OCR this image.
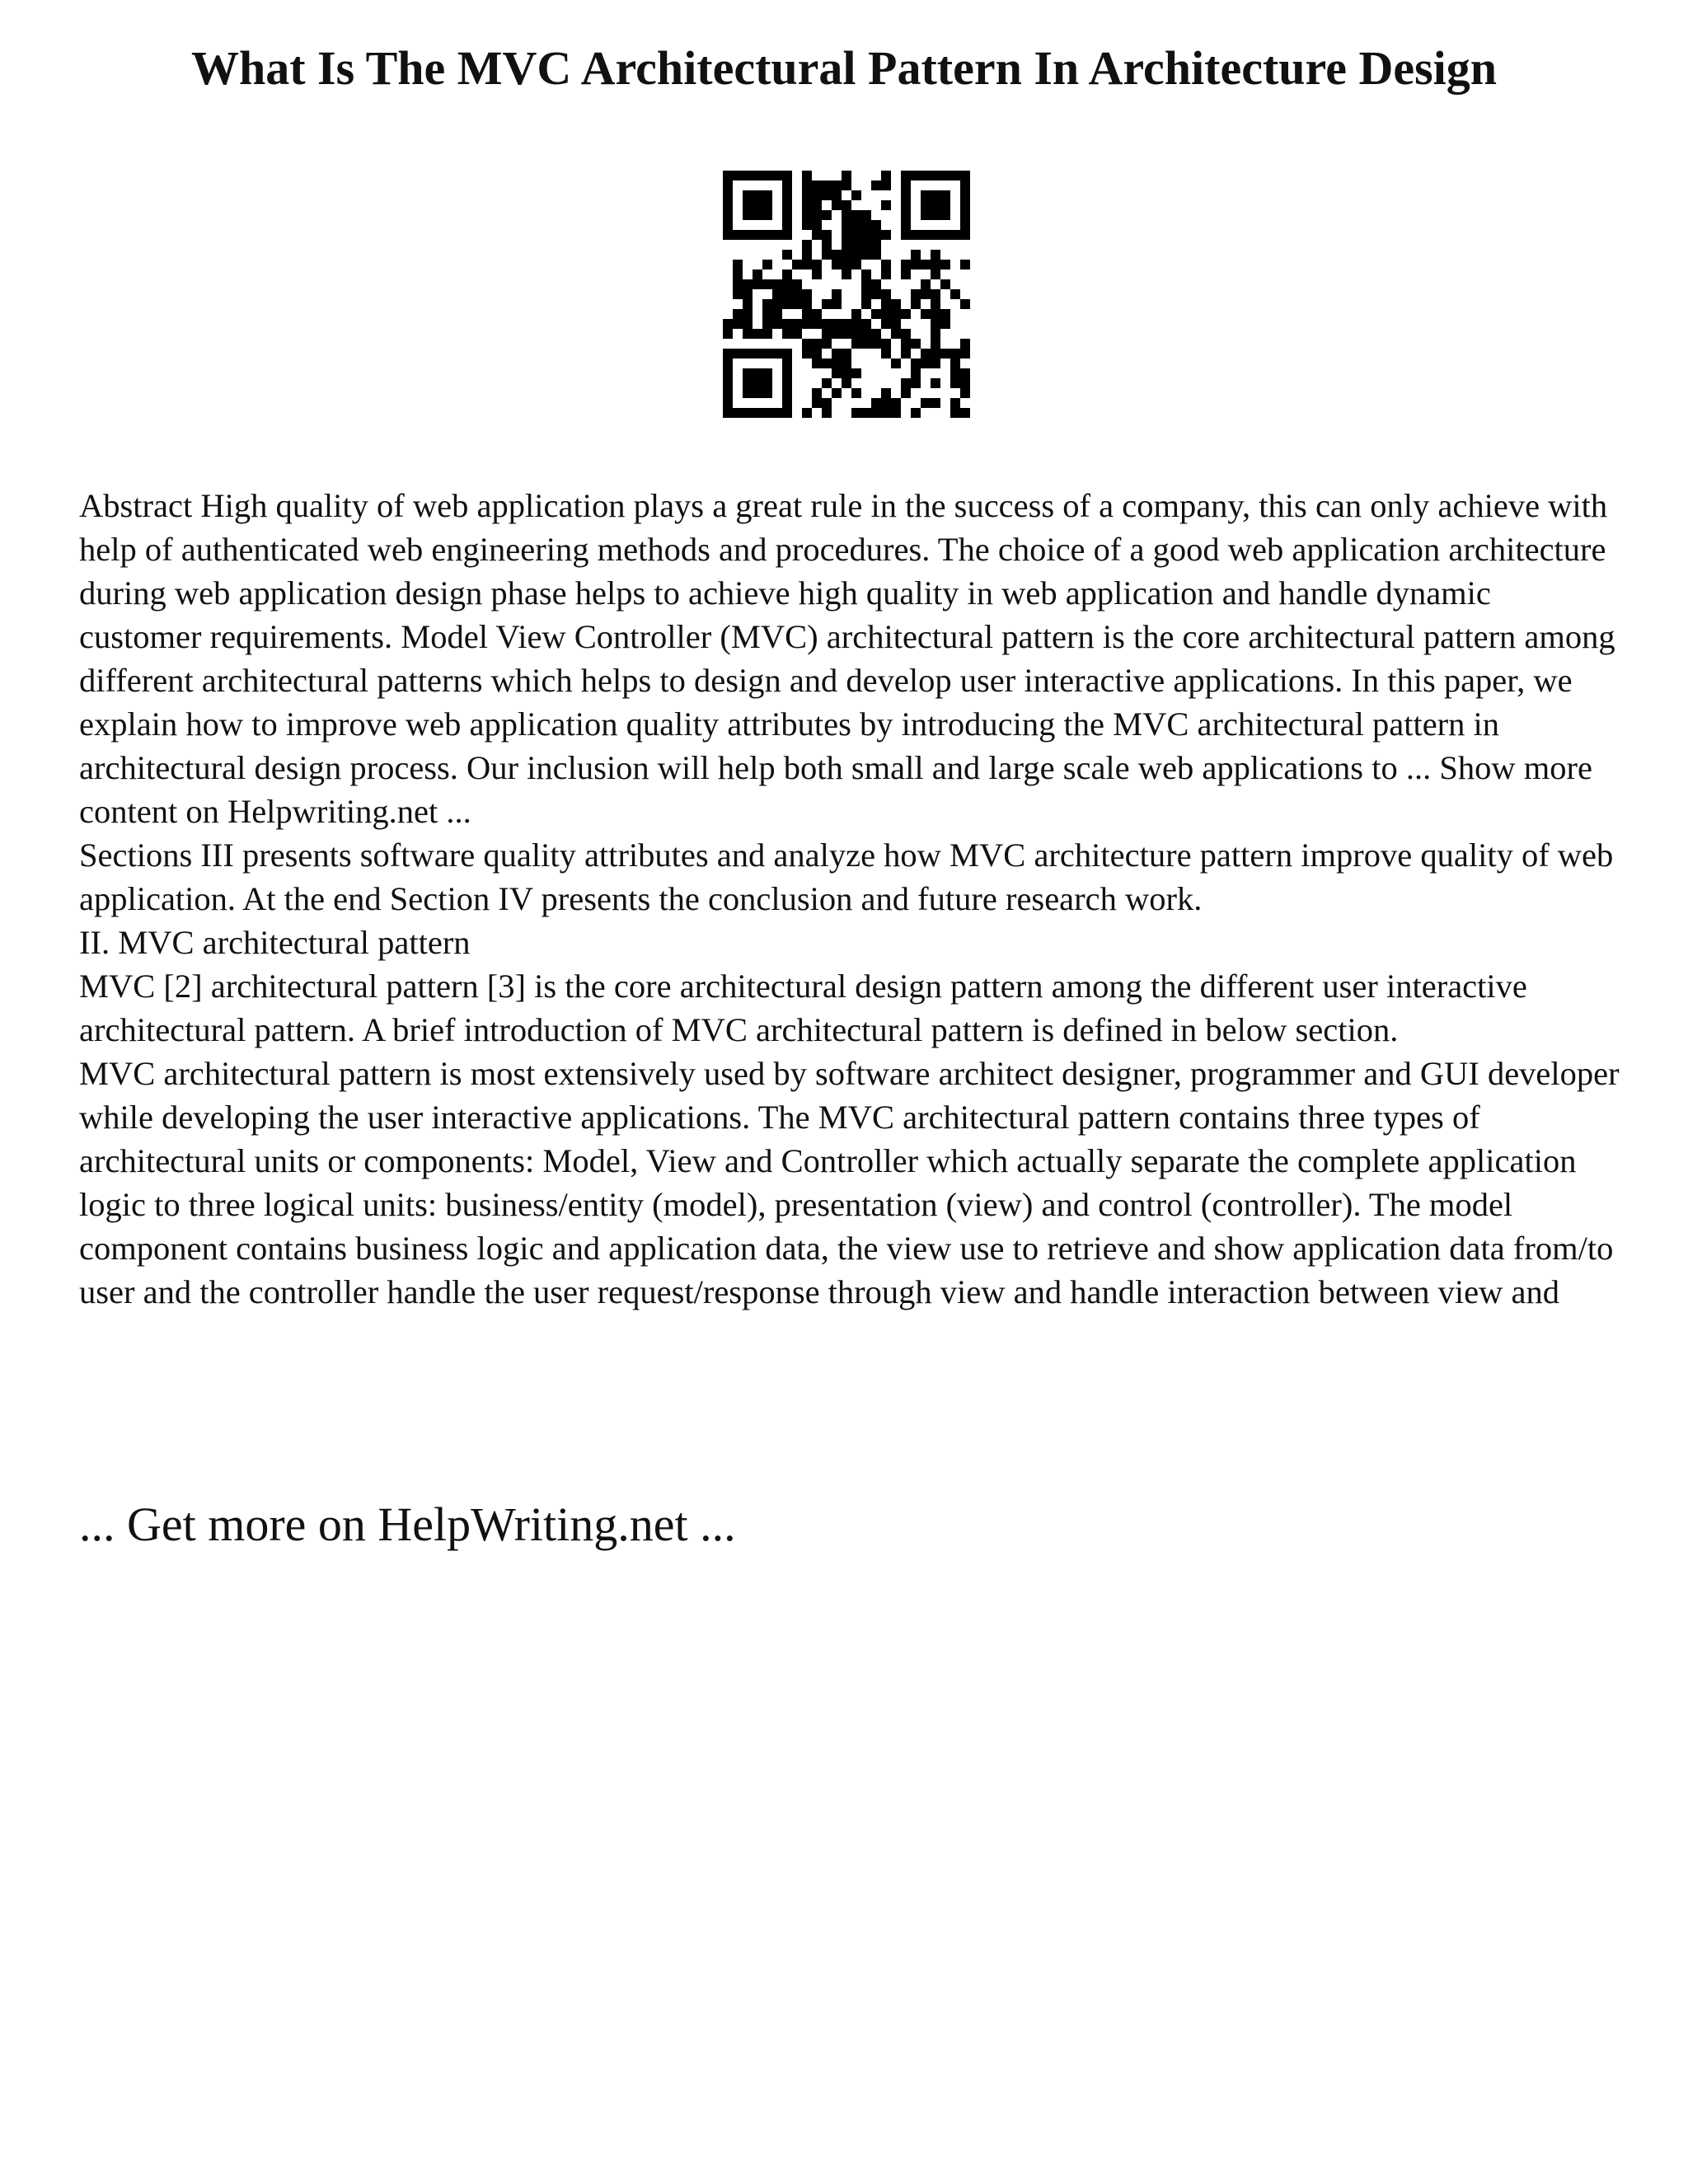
What Is The MVC Architectural Pattern In Architecture Design

Abstract High quality of web application plays a great rule in the success of a company, this can only achieve with help of authenticated web engineering methods and procedures. The choice of a good web application architecture during web application design phase helps to achieve high quality in web application and handle dynamic customer requirements. Model View Controller (MVC) architectural pattern is the core architectural pattern among different architectural patterns which helps to design and develop user interactive applications. In this paper, we explain how to improve web application quality attributes by introducing the MVC architectural pattern in architectural design process. Our inclusion will help both small and large scale web applications to ... Show more content on Helpwriting.net ...

Sections III presents software quality attributes and analyze how MVC architecture pattern improve quality of web application. At the end Section IV presents the conclusion and future research work.

II. MVC architectural pattern

MVC [2] architectural pattern [3] is the core architectural design pattern among the different user interactive architectural pattern. A brief introduction of MVC architectural pattern is defined in below section.

MVC architectural pattern is most extensively used by software architect designer, programmer and GUI developer while developing the user interactive applications. The MVC architectural pattern contains three types of architectural units or components: Model, View and Controller which actually separate the complete application logic to three logical units: business/entity (model), presentation (view) and control (controller). The model component contains business logic and application data, the view use to retrieve and show application data from/to user and the controller handle the user request/response through view and handle interaction between view and

... Get more on HelpWriting.net ...
